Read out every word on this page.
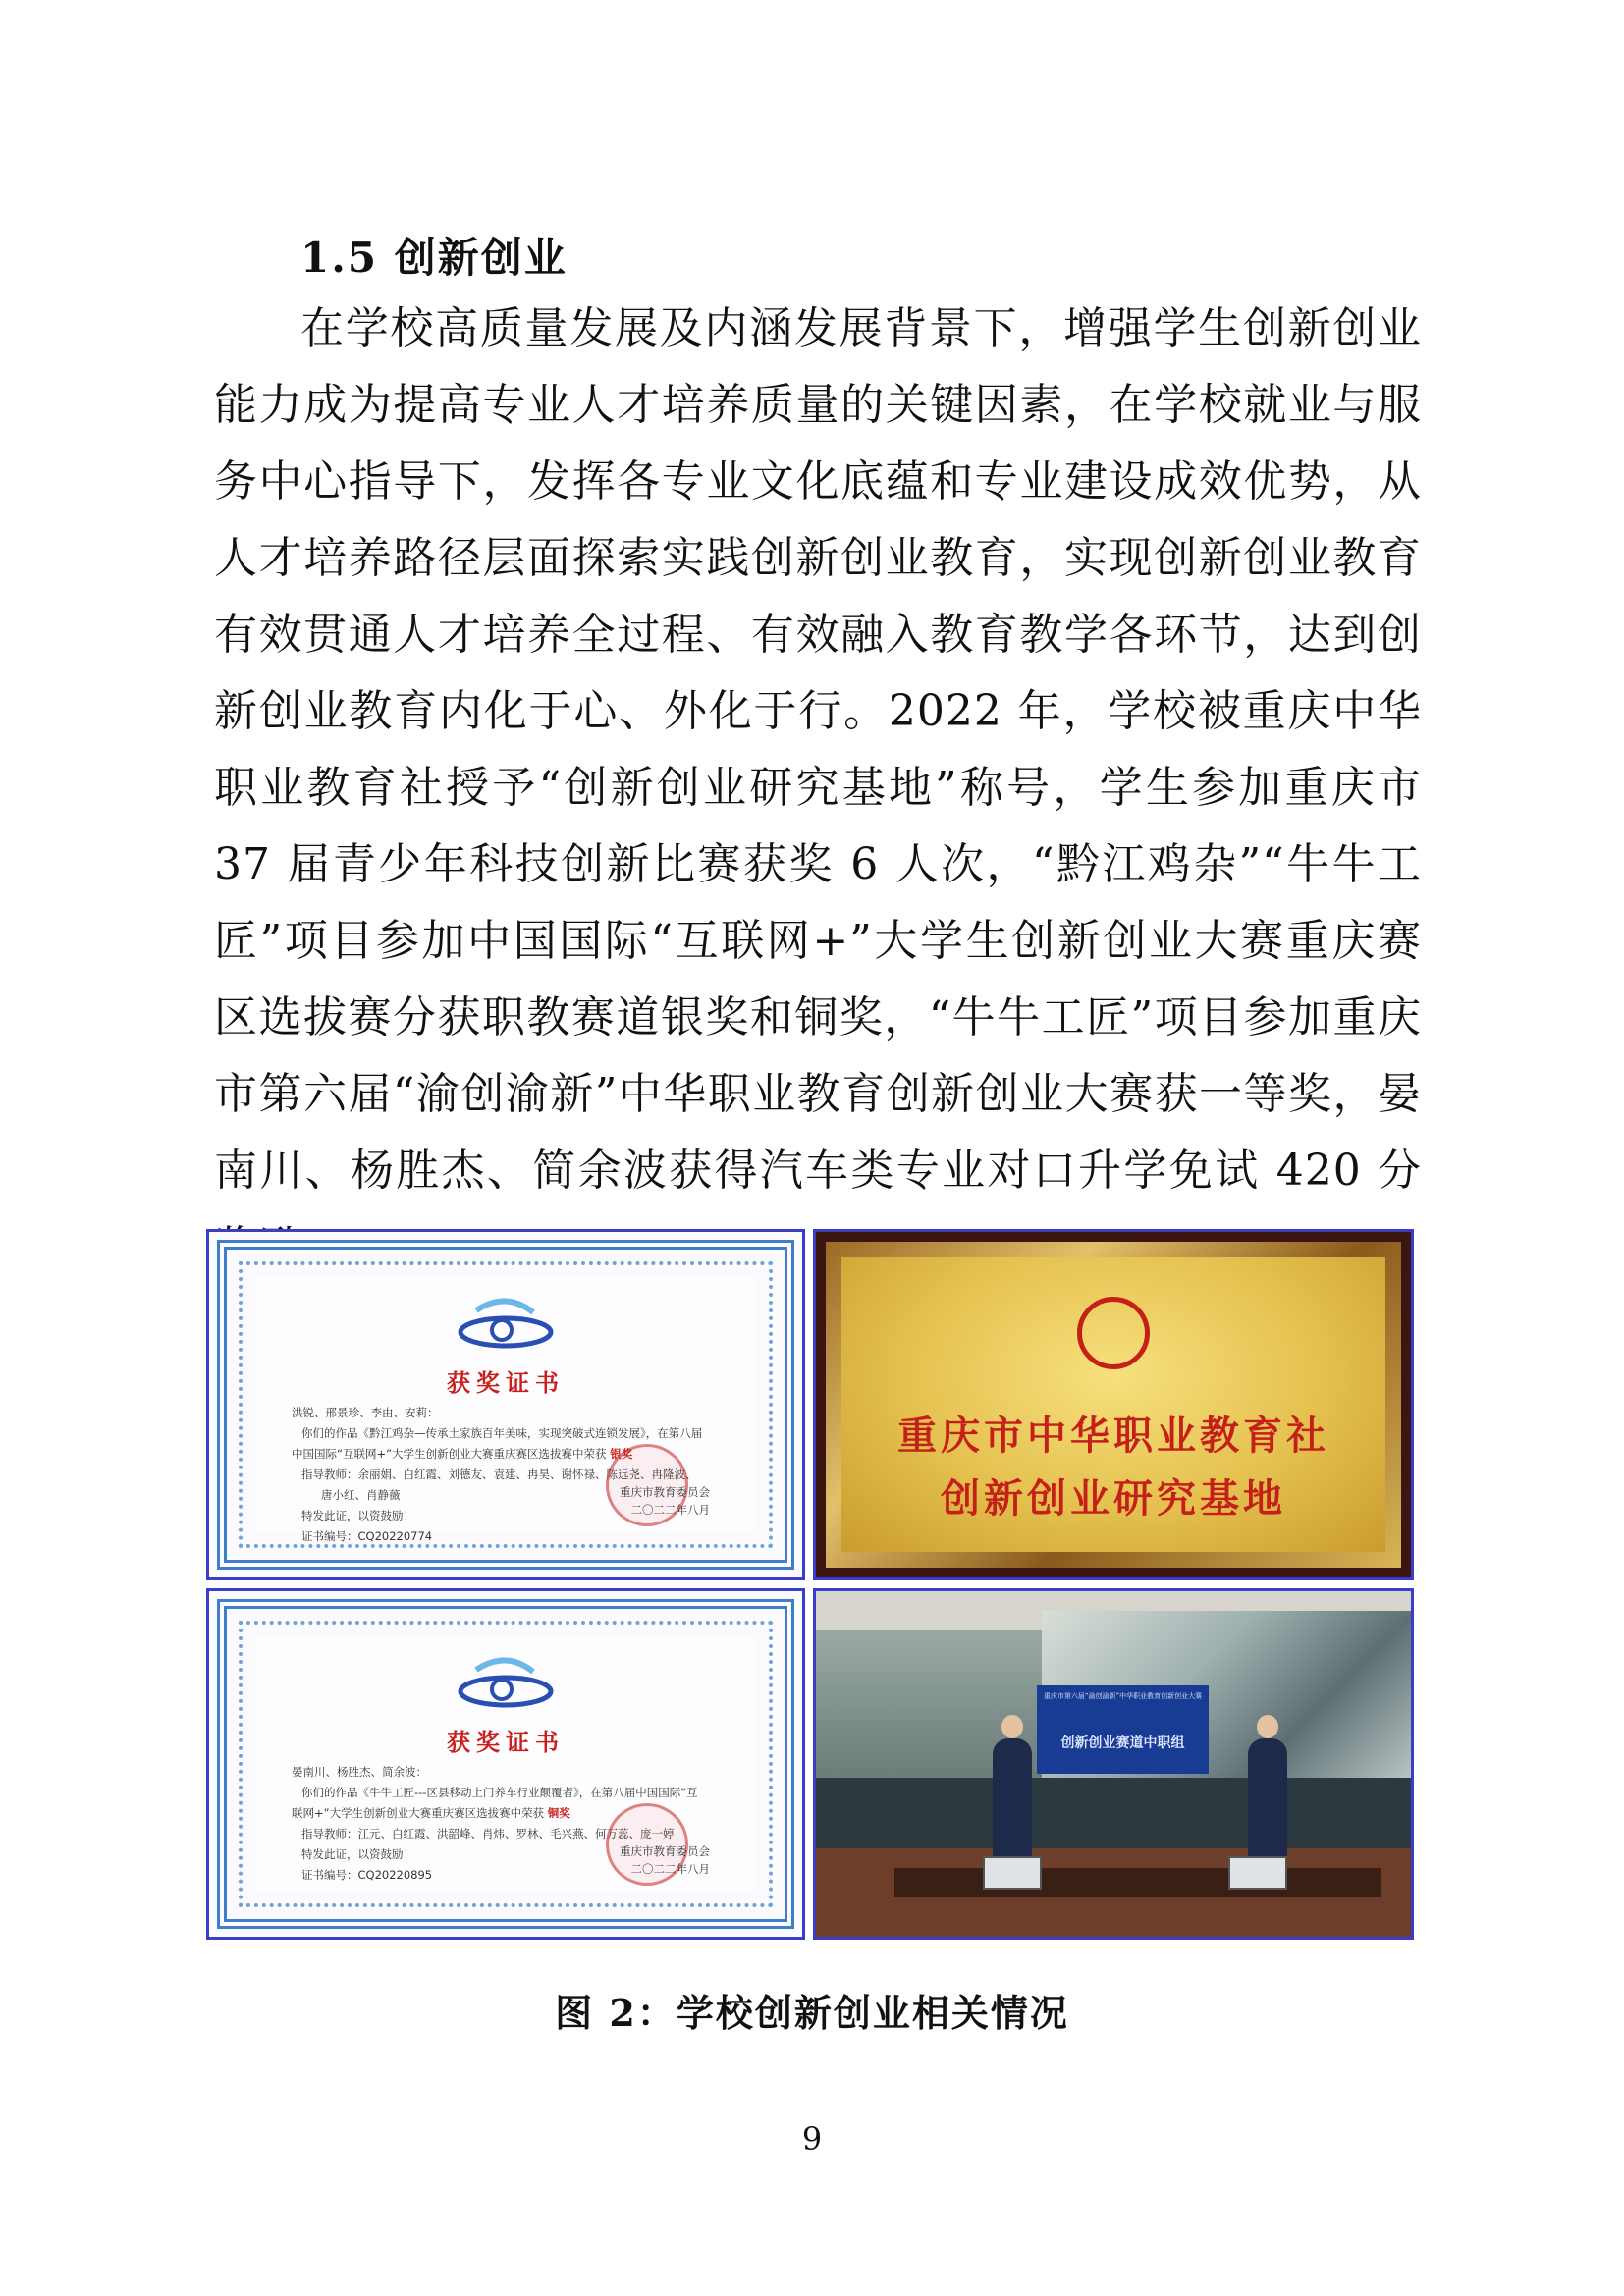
1.5 创新创业
在学校高质量发展及内涵发展背景下，增强学生创新创业能力成为提高专业人才培养质量的关键因素，在学校就业与服务中心指导下，发挥各专业文化底蕴和专业建设成效优势，从人才培养路径层面探索实践创新创业教育，实现创新创业教育有效贯通人才培养全过程、有效融入教育教学各环节，达到创新创业教育内化于心、外化于行。2022 年，学校被重庆中华职业教育社授予“创新创业研究基地”称号，学生参加重庆市 37 届青少年科技创新比赛获奖 6 人次，“黔江鸡杂”“牛牛工匠”项目参加中国国际“互联网+”大学生创新创业大赛重庆赛区选拔赛分获职教赛道银奖和铜奖，“牛牛工匠”项目参加重庆市第六届“渝创渝新”中华职业教育创新创业大赛获一等奖，晏南川、杨胜杰、简余波获得汽车类专业对口升学免试 420 分
获奖证书
洪锐、邢景珍、李由、安莉：
你们的作品《黔江鸡杂—传承土家族百年美味，实现突破式连锁发展》，在第八届
中国国际“互联网+”大学生创新创业大赛重庆赛区选拔赛中荣获 银奖
指导教师：余丽娟、白红霞、刘德友、袁建、冉昊、谢怀禄、陈远尧、冉隆波、
唐小红、肖静薇
特发此证，以资鼓励！
证书编号：CQ20220774
重庆市教育委员会
二〇二二年八月
重庆市中华职业教育社
创新创业研究基地
获奖证书
晏南川、杨胜杰、简余波：
你们的作品《牛牛工匠---区县移动上门养车行业颠覆者》，在第八届中国国际“互
联网+”大学生创新创业大赛重庆赛区选拔赛中荣获 铜奖
指导教师：江元、白红霞、洪韶峰、肖炜、罗林、毛兴燕、何万蕊、庞一婷
特发此证，以资鼓励！
证书编号：CQ20220895
重庆市教育委员会
二〇二二年八月
重庆市第六届“渝创渝新”中华职业教育创新创业大赛
创新创业赛道中职组
图 2：学校创新创业相关情况
9
